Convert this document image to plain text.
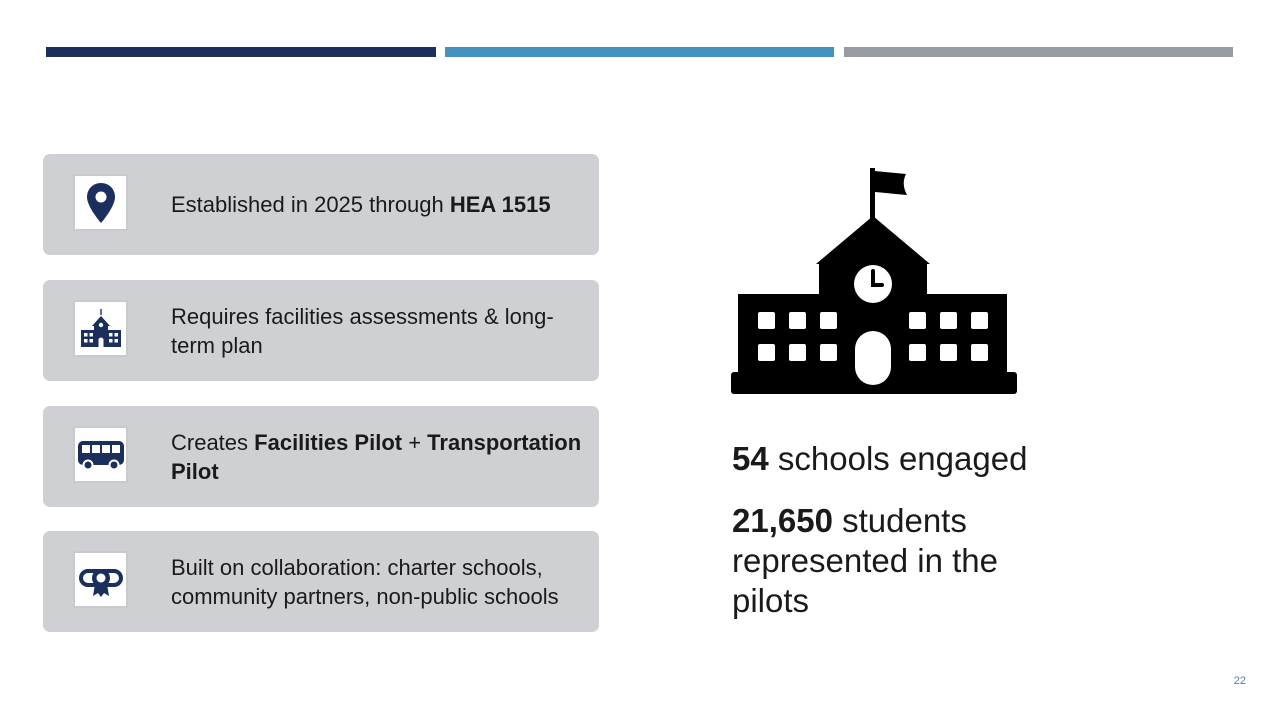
Established in 2025 through HEA 1515

Requires facilities assessments & long-term plan

Creates Facilities Pilot + Transportation Pilot

Built on collaboration: charter schools, community partners, non-public schools

54 schools engaged

21,650 students represented in the pilots

22
